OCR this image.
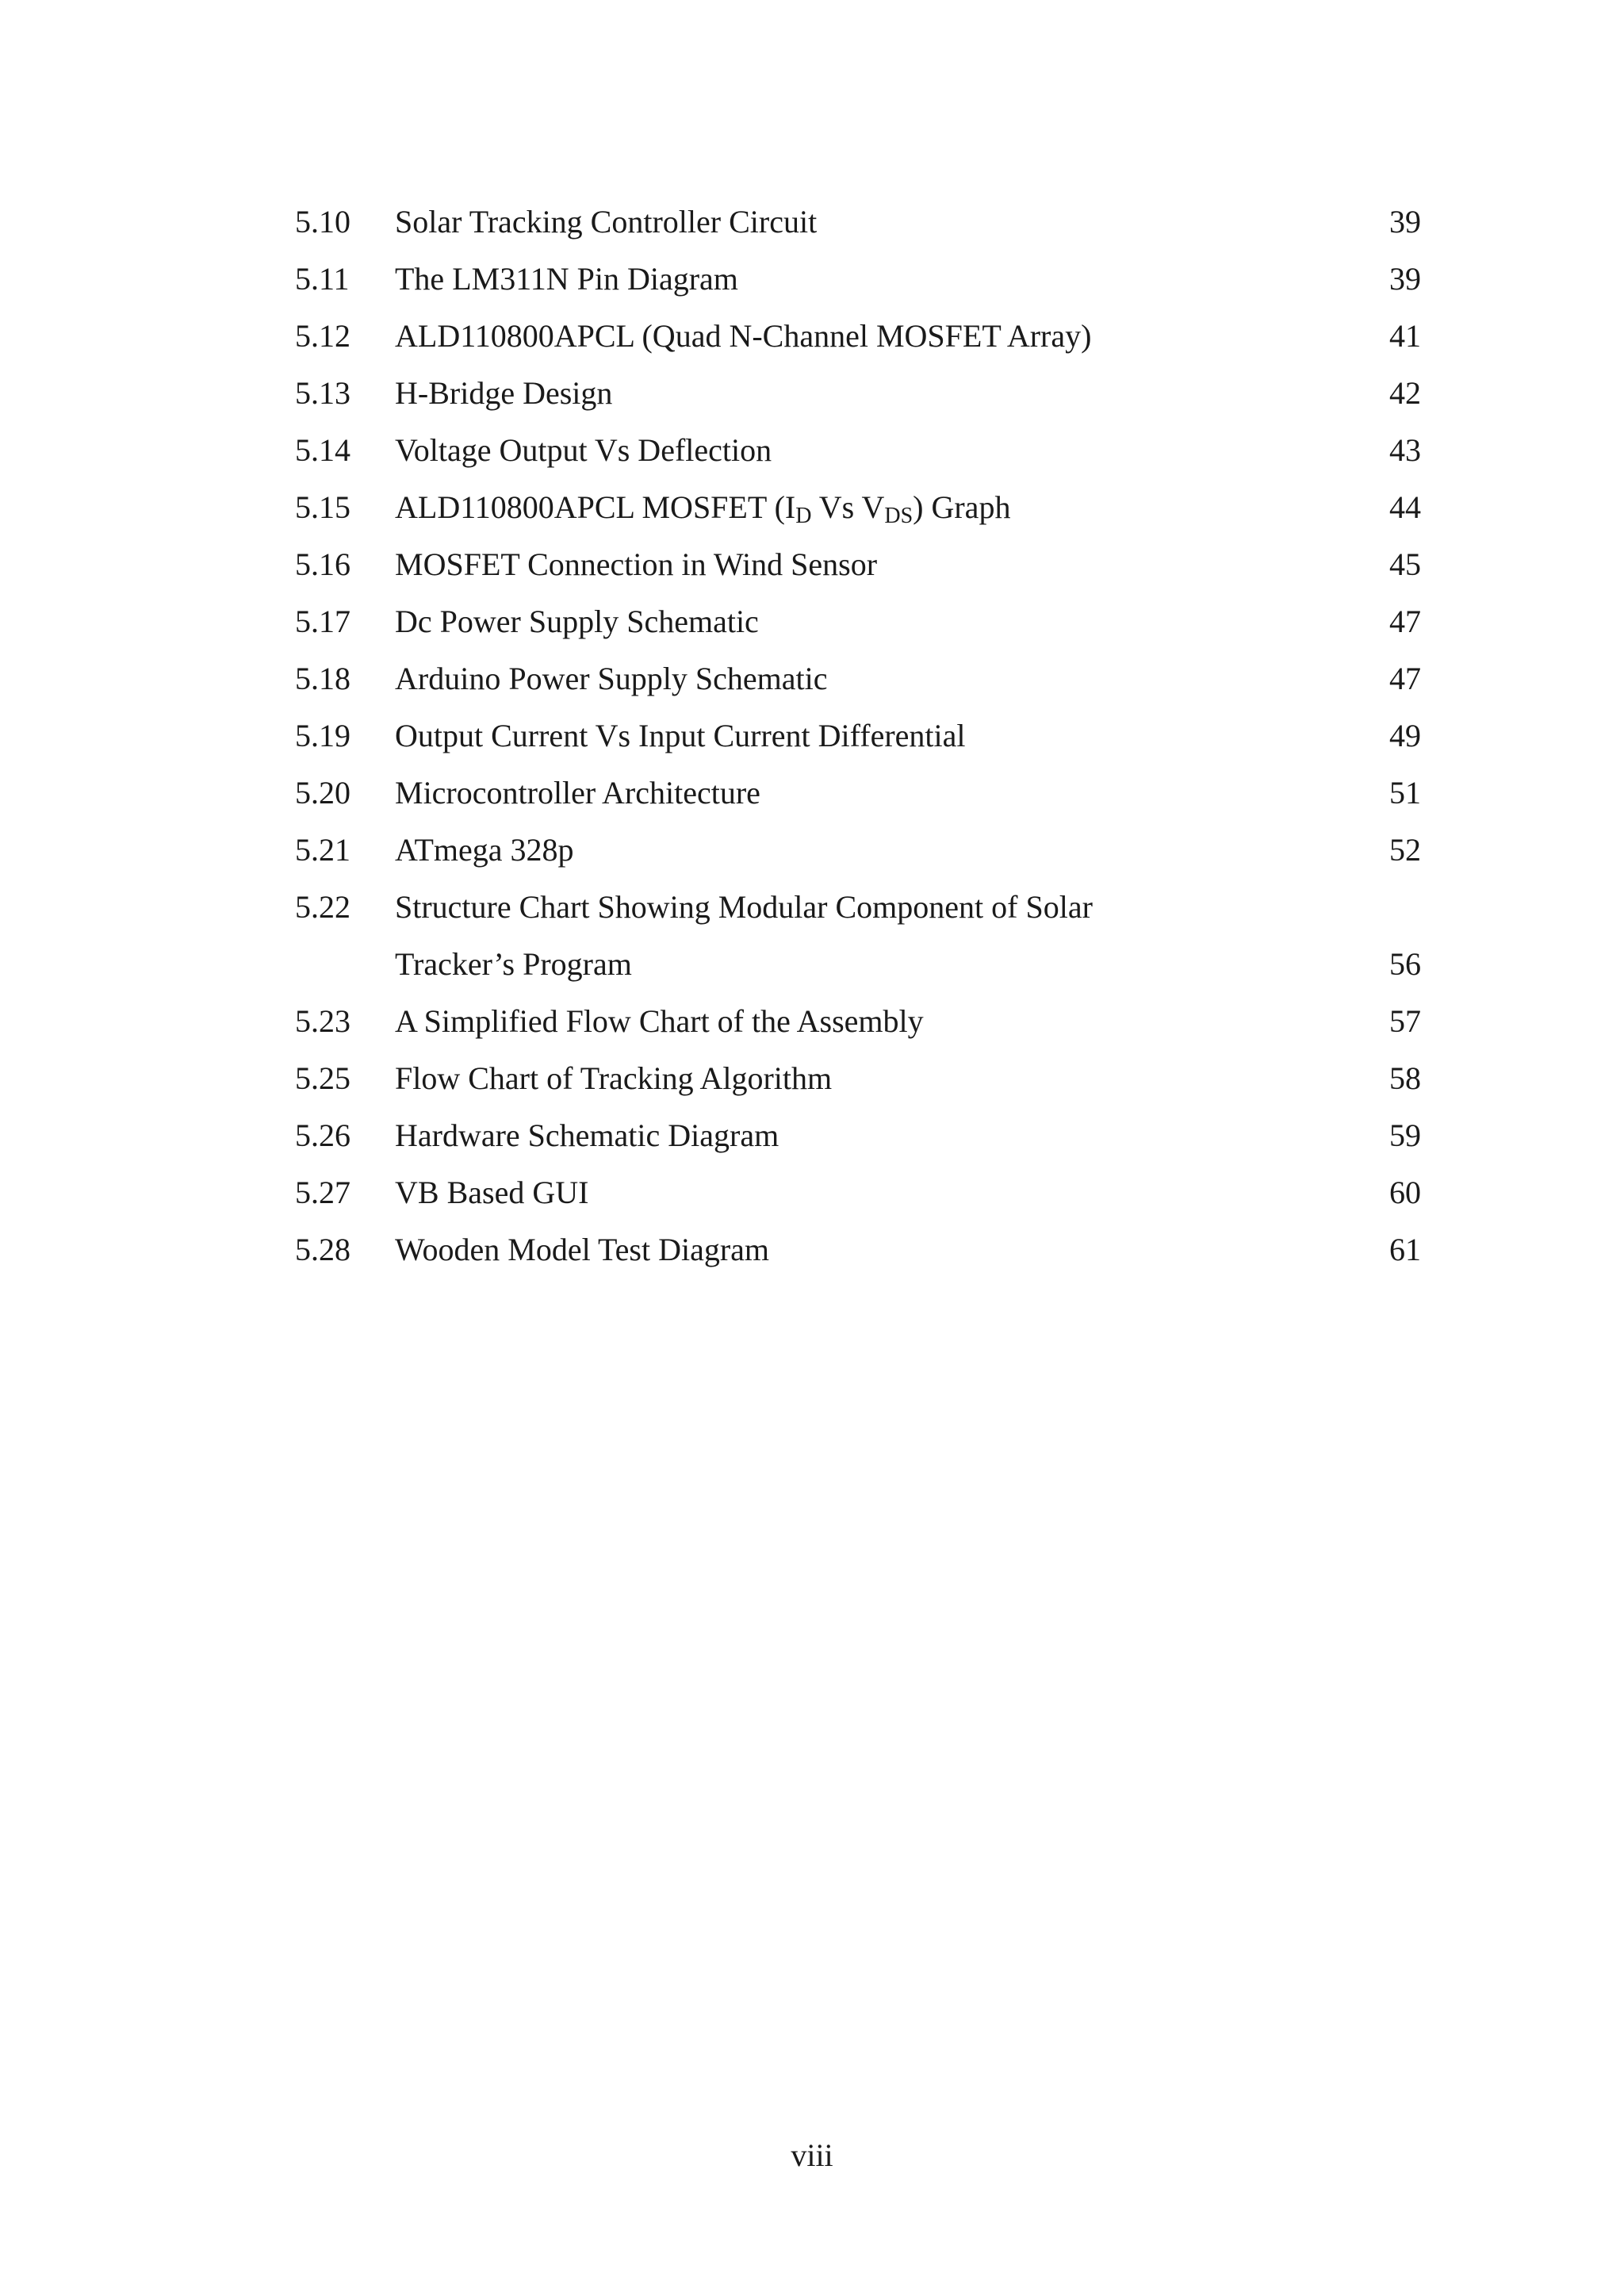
5.10 Solar Tracking Controller Circuit	39
5.11 The LM311N Pin Diagram	39
5.12 ALD110800APCL (Quad N-Channel MOSFET Array)	41
5.13 H-Bridge Design	42
5.14 Voltage Output Vs Deflection	43
5.15 ALD110800APCL MOSFET ($I_D$ Vs $V_{DS}$) Graph	44
5.16 MOSFET Connection in Wind Sensor	45
5.17 Dc Power Supply Schematic	47
5.18 Arduino Power Supply Schematic	47
5.19 Output Current Vs Input Current Differential	49
5.20 Microcontroller Architecture	51
5.21 ATmega 328p	52
5.22 Structure Chart Showing Modular Component of Solar
Tracker’s Program	56
5.23 A Simplified Flow Chart of the Assembly	57
5.25 Flow Chart of Tracking Algorithm	58
5.26 Hardware Schematic Diagram	59
5.27 VB Based GUI	60
5.28 Wooden Model Test Diagram	61
viii
